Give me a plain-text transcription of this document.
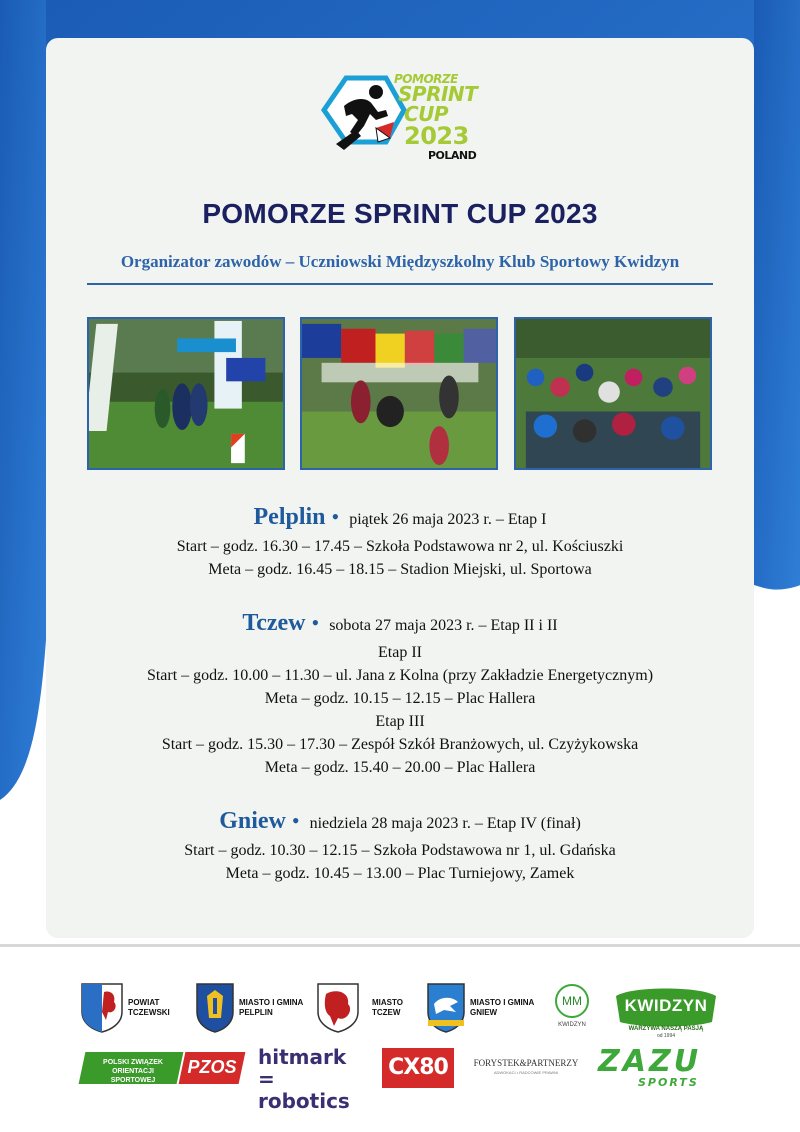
POMORZE
SPRINT
CUP
2023
POLAND
POMORZE SPRINT CUP 2023
Organizator zawodów – Uczniowski Międzyszkolny Klub Sportowy Kwidzyn
Pelplin • piątek 26 maja 2023 r. – Etap I
Start – godz. 16.30 – 17.45 – Szkoła Podstawowa nr 2, ul. Kościuszki
Meta – godz. 16.45 – 18.15 – Stadion Miejski, ul. Sportowa
Tczew • sobota 27 maja 2023 r. – Etap II i II
Etap II
Start – godz. 10.00 – 11.30 – ul. Jana z Kolna (przy Zakładzie Energetycznym)
Meta – godz. 10.15 – 12.15 – Plac Hallera
Etap III
Start – godz. 15.30 – 17.30 – Zespół Szkół Branżowych, ul. Czyżykowska
Meta – godz. 15.40 – 20.00 – Plac Hallera
Gniew • niedziela 28 maja 2023 r. – Etap IV (finał)
Start – godz. 10.30 – 12.15 – Szkoła Podstawowa nr 1, ul. Gdańska
Meta – godz. 10.45 – 13.00 – Plac Turniejowy, Zamek
POWIAT
TCZEWSKI
MIASTO I GMINA
PELPLIN
MIASTO
TCZEW
MIASTO I GMINA
GNIEW
MM
KWIDZYN
KWIDZYN
WARZYWA NASZĄ PASJĄ
od 1994
POLSKI ZWIĄZEK
ORIENTACJI SPORTOWEJ
PZOS hitmark
= robotics
CX80	FORYSTEK&PARTNERZY
ADWOKACI • RADCOWIE PRAWNI	ZAZU
SPORTS
